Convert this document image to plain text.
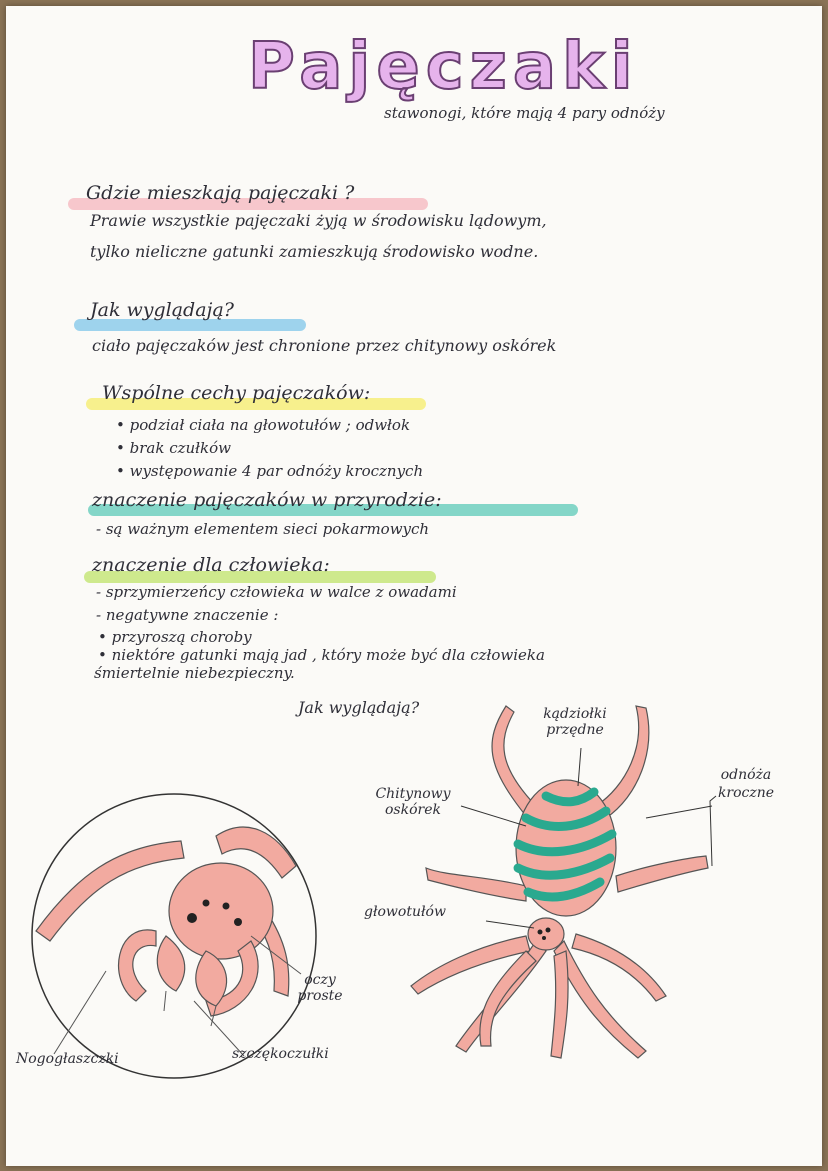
Pajęczaki
stawonogi, które mają 4 pary odnóży
Gdzie mieszkają pajęczaki ?
Prawie wszystkie pajęczaki żyją w środowisku lądowym,
tylko nieliczne gatunki zamieszkują środowisko wodne.
Jak wyglądają?
ciało pajęczaków jest chronione przez chitynowy oskórek
Wspólne cechy pajęczaków:
• podział ciała na głowotułów ; odwłok
• brak czułków
• występowanie 4 par odnóży krocznych
znaczenie pajęczaków w przyrodzie:
- są ważnym elementem sieci pokarmowych
znaczenie dla człowieka:
- sprzymierzeńcy człowieka w walce z owadami
- negatywne znaczenie :
• przyroszą choroby
• niektóre gatunki mają jad , który może być dla człowieka
śmiertelnie niebezpieczny.
Jak wyglądają?	kądziołki przędne
odnóża kroczne
Chitynowy oskórek
głowotułów
oczy proste
Nogogłaszczki	szczękoczułki
